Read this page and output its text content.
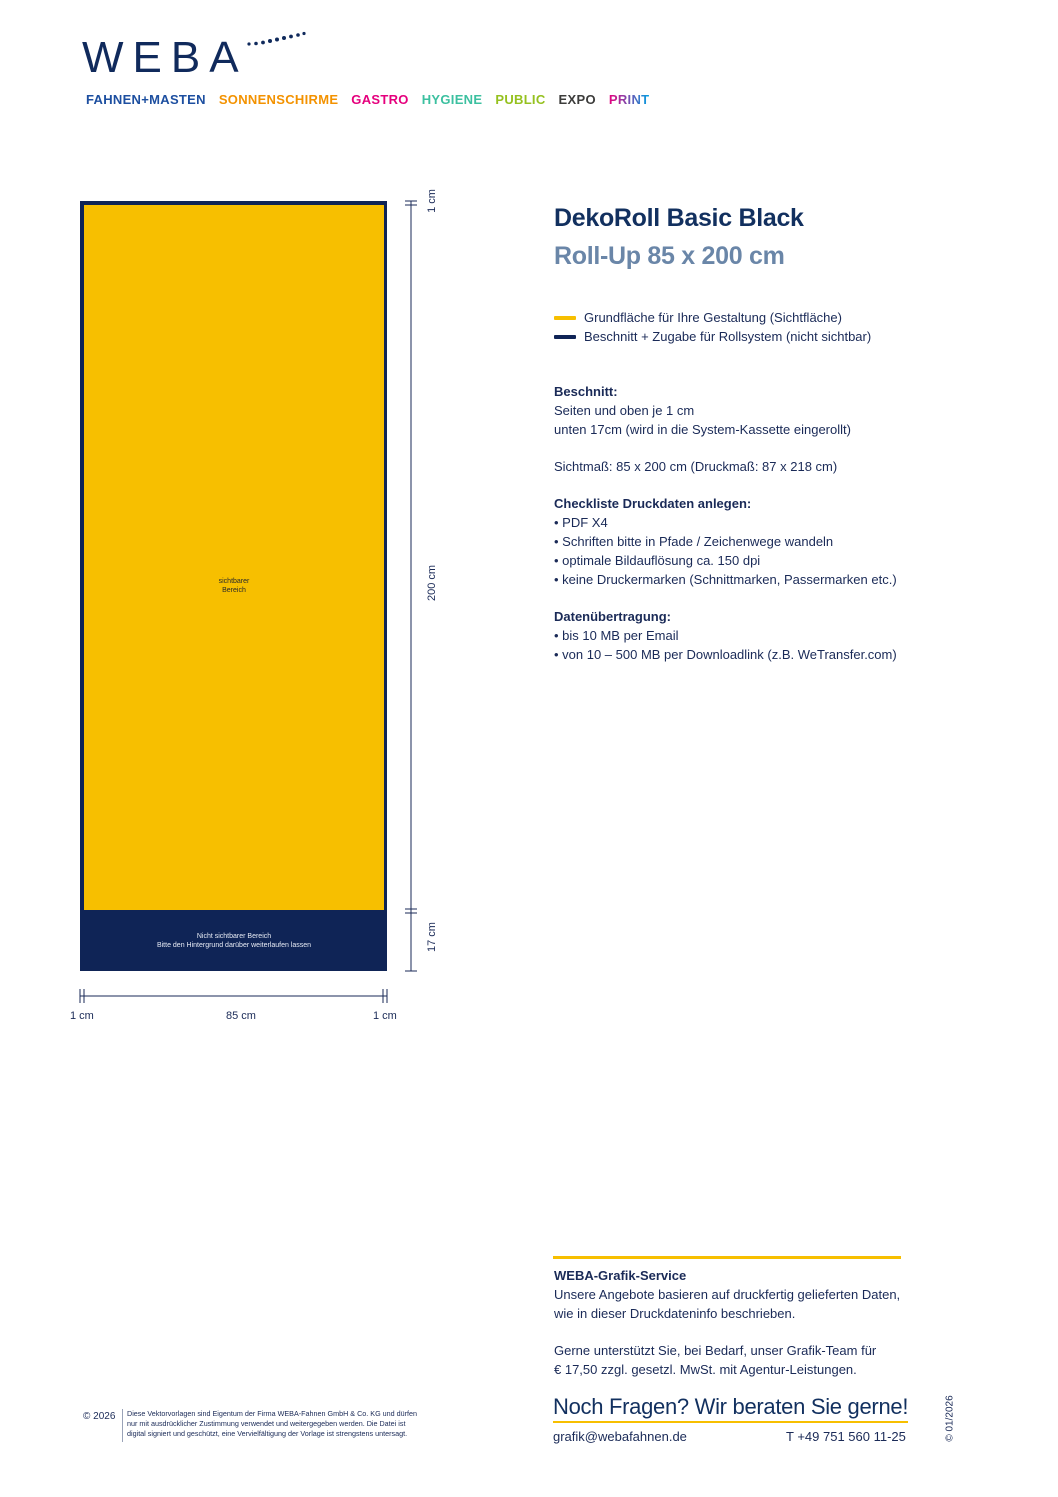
WEBA
FAHNEN+MASTEN SONNENSCHIRME GASTRO HYGIENE PUBLIC EXPO PRINT
sichtbarer
Bereich
Nicht sichtbarer Bereich
Bitte den Hintergrund darüber weiterlaufen lassen
1 cm
200 cm
17 cm
1 cm	85 cm	1 cm
DekoRoll Basic Black
Roll-Up 85 x 200 cm
Grundfläche für Ihre Gestaltung (Sichtfläche)
Beschnitt + Zugabe für Rollsystem (nicht sichtbar)
Beschnitt:
Seiten und oben je 1 cm
unten 17cm (wird in die System-Kassette eingerollt)
Sichtmaß: 85 x 200 cm (Druckmaß: 87 x 218 cm)
Checkliste Druckdaten anlegen:
• PDF X4
• Schriften bitte in Pfade / Zeichenwege wandeln
• optimale Bildauflösung ca. 150 dpi
• keine Druckermarken (Schnittmarken, Passermarken etc.)
Datenübertragung:
• bis 10 MB per Email
• von 10 – 500 MB per Downloadlink (z.B. WeTransfer.com)
WEBA-Grafik-Service
Unsere Angebote basieren auf druckfertig gelieferten Daten,
wie in dieser Druckdateninfo beschrieben.
Gerne unterstützt Sie, bei Bedarf, unser Grafik-Team für
€ 17,50 zzgl. gesetzl. MwSt. mit Agentur-Leistungen.
Noch Fragen? Wir beraten Sie gerne!
grafik@webafahnen.de	T +49 751 560 11-25	© 01/2026
© 2026 Diese Vektorvorlagen sind Eigentum der Firma WEBA-Fahnen GmbH & Co. KG und dürfen
nur mit ausdrücklicher Zustimmung verwendet und weitergegeben werden. Die Datei ist
digital signiert und geschützt, eine Vervielfältigung der Vorlage ist strengstens untersagt.
